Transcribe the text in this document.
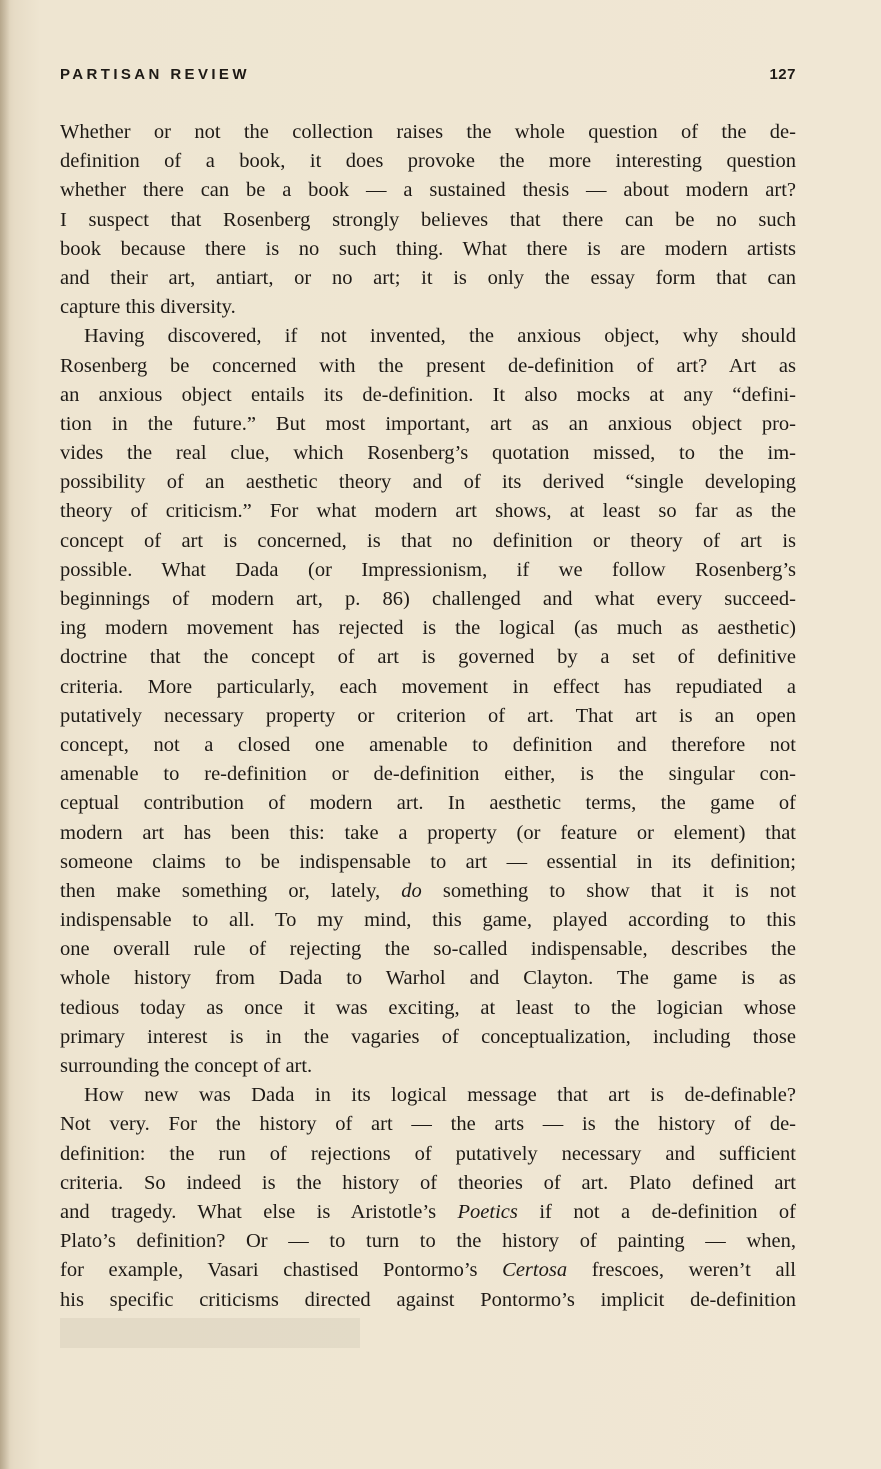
PARTISAN REVIEW	127

Whether or not the collection raises the whole question of the de-
definition of a book, it does provoke the more interesting question
whether there can be a book — a sustained thesis — about modern art?
I suspect that Rosenberg strongly believes that there can be no such
book because there is no such thing. What there is are modern artists
and their art, antiart, or no art; it is only the essay form that can
capture this diversity.

Having discovered, if not invented, the anxious object, why should
Rosenberg be concerned with the present de-definition of art? Art as
an anxious object entails its de-definition. It also mocks at any “defini-
tion in the future.” But most important, art as an anxious object pro-
vides the real clue, which Rosenberg’s quotation missed, to the im-
possibility of an aesthetic theory and of its derived “single developing
theory of criticism.” For what modern art shows, at least so far as the
concept of art is concerned, is that no definition or theory of art is
possible. What Dada (or Impressionism, if we follow Rosenberg’s
beginnings of modern art, p. 86) challenged and what every succeed-
ing modern movement has rejected is the logical (as much as aesthetic)
doctrine that the concept of art is governed by a set of definitive
criteria. More particularly, each movement in effect has repudiated a
putatively necessary property or criterion of art. That art is an open
concept, not a closed one amenable to definition and therefore not
amenable to re-definition or de-definition either, is the singular con-
ceptual contribution of modern art. In aesthetic terms, the game of
modern art has been this: take a property (or feature or element) that
someone claims to be indispensable to art — essential in its definition;
then make something or, lately, do something to show that it is not
indispensable to all. To my mind, this game, played according to this
one overall rule of rejecting the so-called indispensable, describes the
whole history from Dada to Warhol and Clayton. The game is as
tedious today as once it was exciting, at least to the logician whose
primary interest is in the vagaries of conceptualization, including those
surrounding the concept of art.

How new was Dada in its logical message that art is de-definable?
Not very. For the history of art — the arts — is the history of de-
definition: the run of rejections of putatively necessary and sufficient
criteria. So indeed is the history of theories of art. Plato defined art
and tragedy. What else is Aristotle’s Poetics if not a de-definition of
Plato’s definition? Or — to turn to the history of painting — when,
for example, Vasari chastised Pontormo’s Certosa frescoes, weren’t all
his specific criticisms directed against Pontormo’s implicit de-definition
